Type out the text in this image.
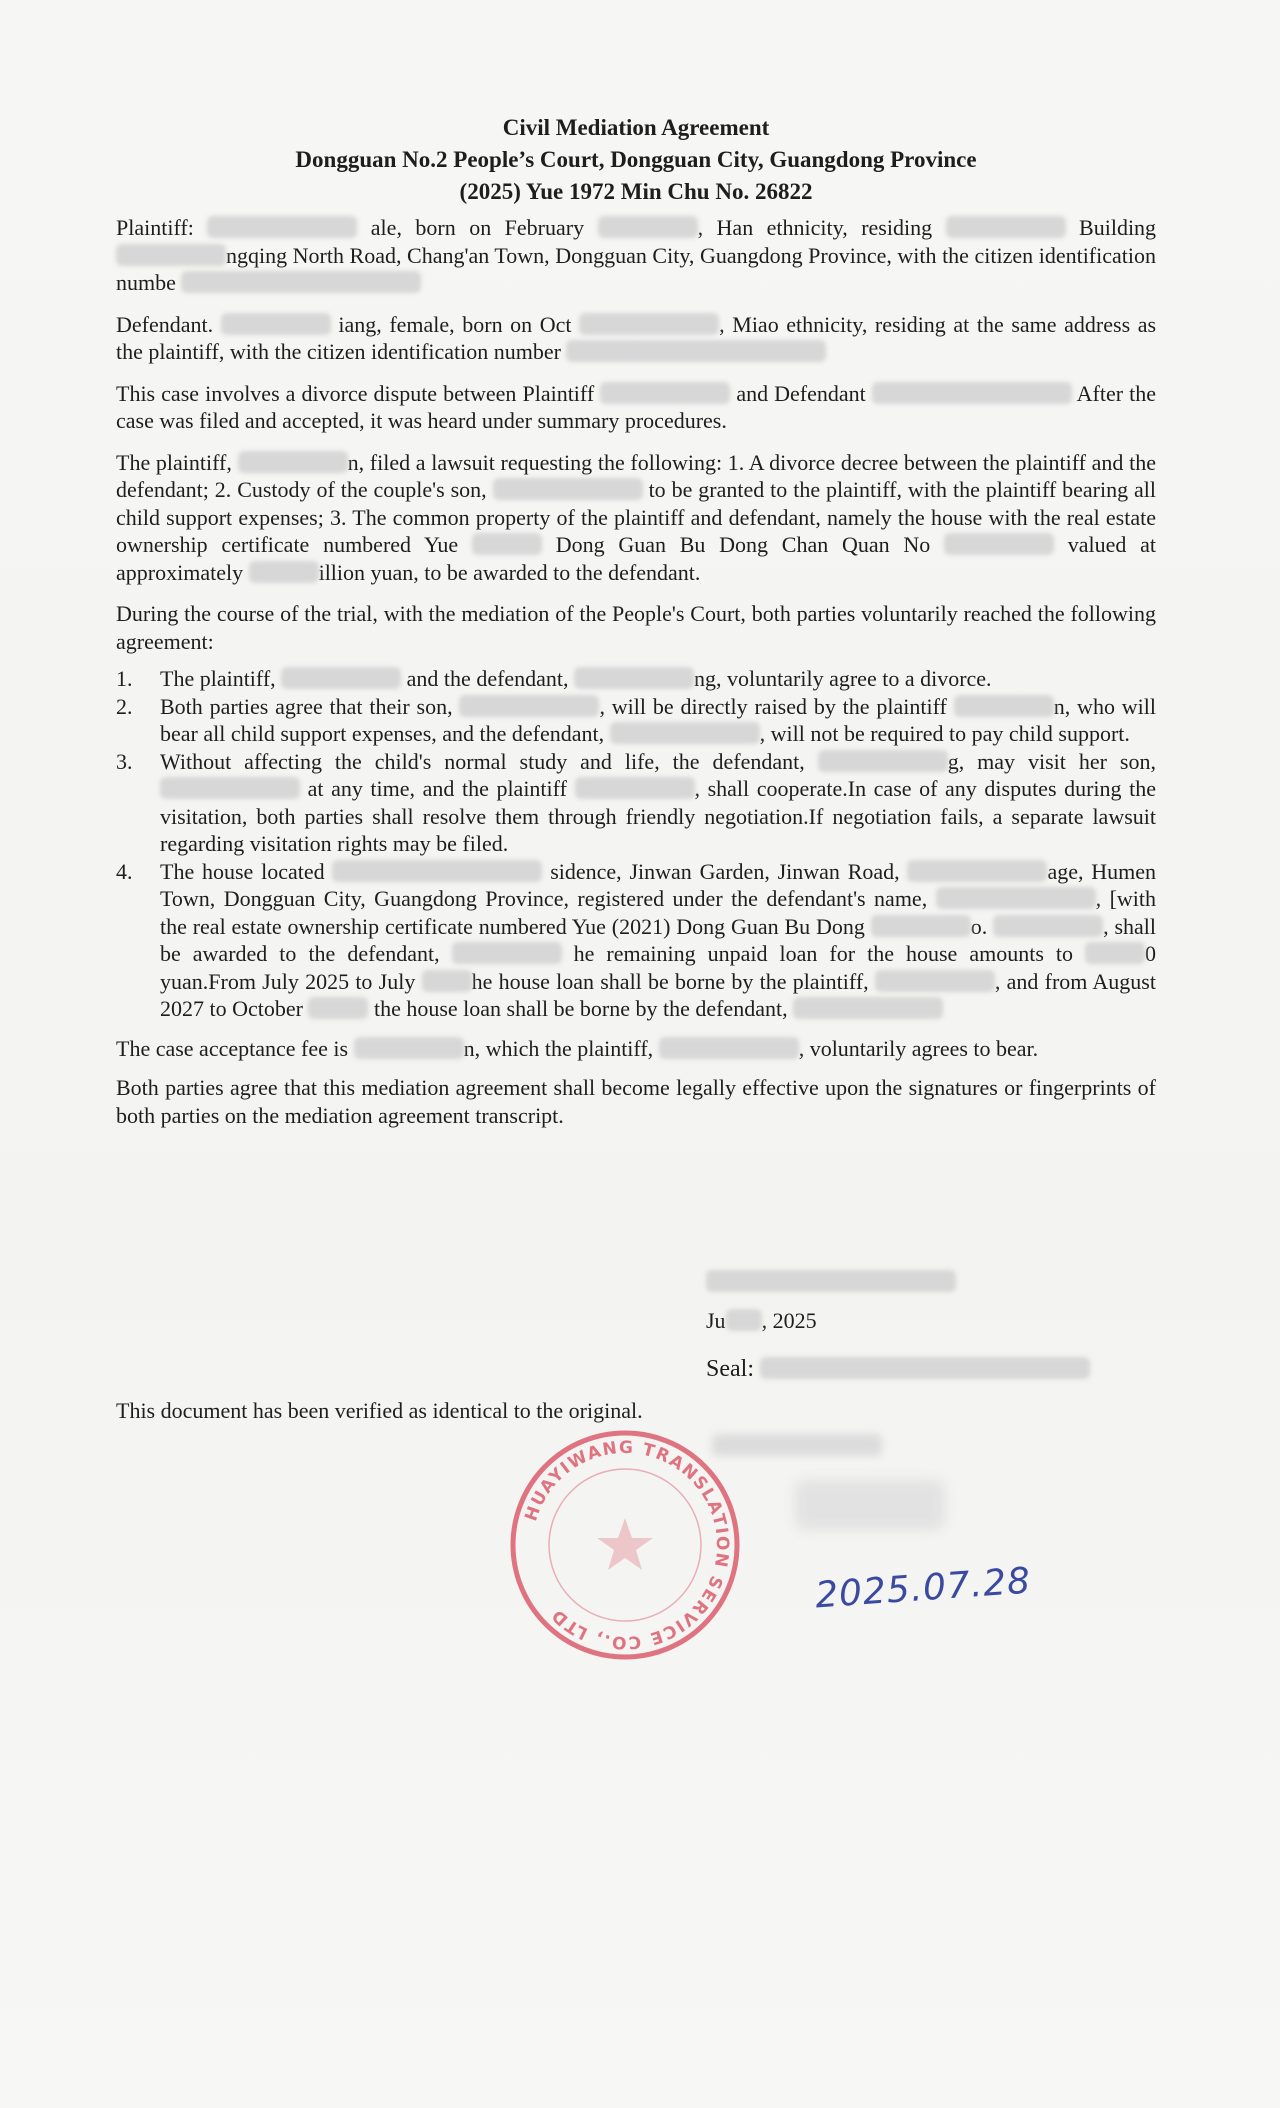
Civil Mediation Agreement
Dongguan No.2 People’s Court, Dongguan City, Guangdong Province
(2025) Yue 1972 Min Chu No. 26822

Plaintiff:	ale, born on February	, Han ethnicity, residing	Building ngqing North Road, Chang'an Town, Dongguan City, Guangdong Province, with the citizen identification numbe

Defendant.	iang, female, born on Oct	, Miao ethnicity, residing at the same address as the plaintiff, with the citizen identification number

This case involves a divorce dispute between Plaintiff	and Defendant	After the case was filed and accepted, it was heard under summary procedures.

The plaintiff,	n, filed a lawsuit requesting the following: 1. A divorce decree between the plaintiff and the defendant; 2. Custody of the couple's son,	to be granted to the plaintiff, with the plaintiff bearing all child support expenses; 3. The common property of the plaintiff and defendant, namely the house with the real estate ownership certificate numbered Yue	Dong Guan Bu Dong Chan Quan No	valued at approximately	illion yuan, to be awarded to the defendant.

During the course of the trial, with the mediation of the People's Court, both parties voluntarily reached the following agreement:

1. The plaintiff,	and the defendant,	ng, voluntarily agree to a divorce.
2. Both parties agree that their son,	, will be directly raised by the plaintiff	n, who will bear all child support expenses, and the defendant,	, will not be required to pay child support.
3. Without affecting the child's normal study and life, the defendant,	g, may visit her son,  at any time, and the plaintiff	, shall cooperate.In case of any disputes during the visitation, both parties shall resolve them through friendly negotiation.If negotiation fails, a separate lawsuit regarding visitation rights may be filed.
4. The house located	sidence, Jinwan Garden, Jinwan Road,	age, Humen Town, Dongguan City, Guangdong Province, registered under the defendant's name,	, [with the real estate ownership certificate numbered Yue (2021) Dong Guan Bu Dong	o.	, shall be awarded to the defendant,	he remaining unpaid loan for the house amounts to	0 yuan.From July 2025 to July	he house loan shall be borne by the plaintiff,	, and from August 2027 to October	the house loan shall be borne by the defendant,

The case acceptance fee is	n, which the plaintiff,	, voluntarily agrees to bear.

Both parties agree that this mediation agreement shall become legally effective upon the signatures or fingerprints of both parties on the mediation agreement transcript.

Ju , 2025
Seal:
This document has been verified as identical to the original.
HUAYIWANG TRANSLATION SERVICE CO., LTD
2025.07.28
